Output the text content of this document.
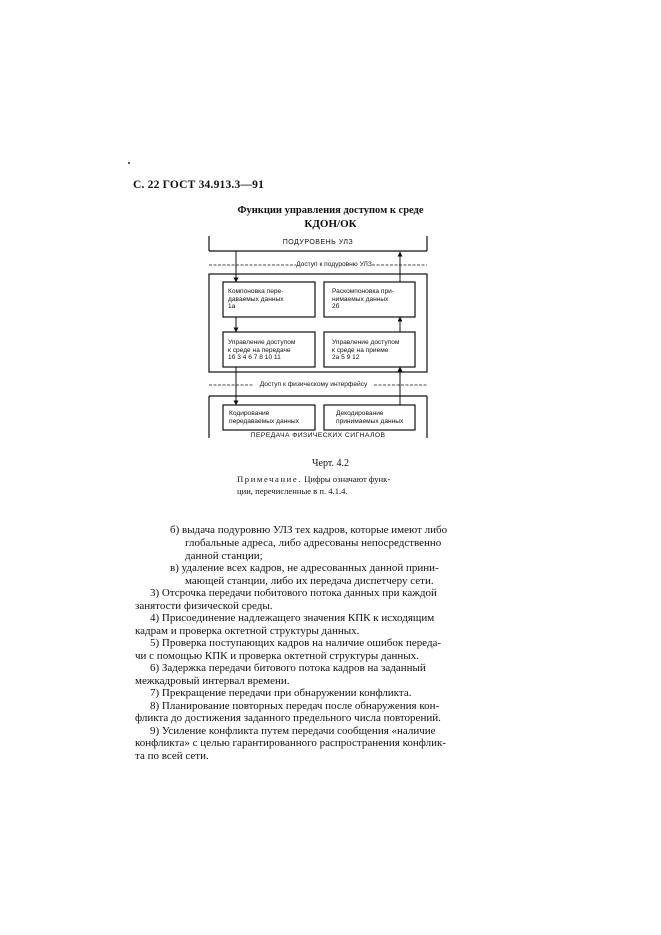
С. 22 ГОСТ 34.913.3—91
Функции управления доступом к среде
КДОН/ОК
ПОДУРОВЕНЬ УЛЗ
Доступ к подуровню УЛЗ
Компоновка пере-
даваемых данных
1а
Раскомпоновка при-
нимаемых данных
2б
Управление доступом
к среде на передаче
1б 3 4 6 7 8 10 11
Управление доступом
к среде на приеме
2а 5 9 12
Доступ к физическому интерфейсу
Кодирование
передаваемых данных
Декодирование
принимаемых данных
ПЕРЕДАЧА ФИЗИЧЕСКИХ СИГНАЛОВ
Черт. 4.2
Примечание. Цифры означают функ-
ции, перечисленные в п. 4.1.4.
б) выдача подуровню УЛЗ тех кадров, которые имеют либо
глобальные адреса, либо адресованы непосредственно
данной станции;
в) удаление всех кадров, не адресованных данной прини-
мающей станции, либо их передача диспетчеру сети.
3) Отсрочка передачи побитового потока данных при каждой
занятости физической среды.
4) Присоединение надлежащего значения КПК к исходящим
кадрам и проверка октетной структуры данных.
5) Проверка поступающих кадров на наличие ошибок переда-
чи с помощью КПК и проверка октетной структуры данных.
6) Задержка передачи битового потока кадров на заданный
межкадровый интервал времени.
7) Прекращение передачи при обнаружении конфликта.
8) Планирование повторных передач после обнаружения кон-
фликта до достижения заданного предельного числа повторений.
9) Усиление конфликта путем передачи сообщения «наличие
конфликта» с целью гарантированного распространения конфлик-
та по всей сети.
